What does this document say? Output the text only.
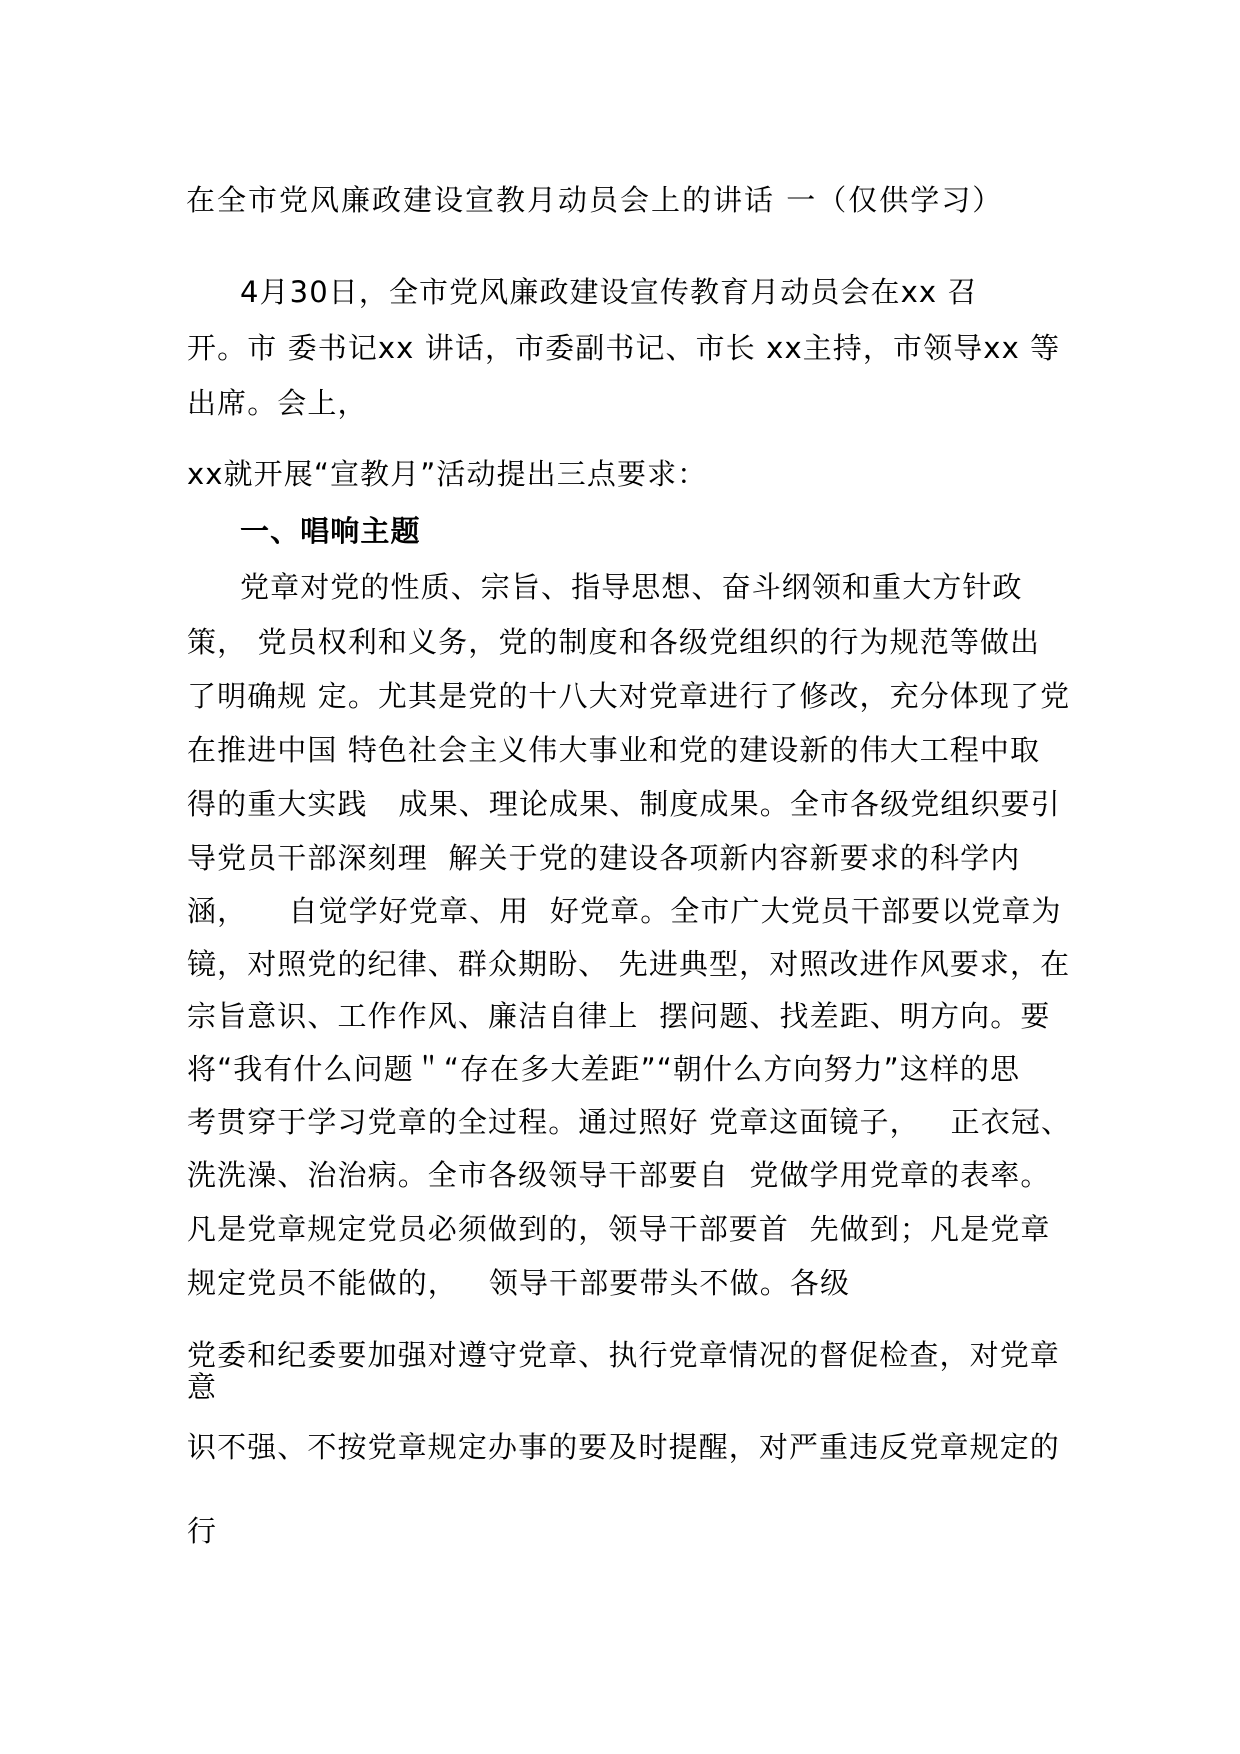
在全市党风廉政建设宣教月动员会上的讲话 一（仅供学习）

4月30日，全市党风廉政建设宣传教育月动员会在xx 召

开。市 委书记xx 讲话，市委副书记、市长 xx主持，市领导xx 等

出席。会上，

xx就开展“宣教月”活动提出三点要求：

一、唱响主题

党章对党的性质、宗旨、指导思想、奋斗纲领和重大方针政

策， 党员权利和义务，党的制度和各级党组织的行为规范等做出

了明确规 定。尤其是党的十八大对党章进行了修改，充分体现了党

在推进中国 特色社会主义伟大事业和党的建设新的伟大工程中取

得的重大实践   成果、理论成果、制度成果。全市各级党组织要引

导党员干部深刻理  解关于党的建设各项新内容新要求的科学内

涵，    自觉学好党章、用  好党章。全市广大党员干部要以党章为

镜，对照党的纪律、群众期盼、 先进典型，对照改进作风要求，在

宗旨意识、工作作风、廉洁自律上  摆问题、找差距、明方向。要

将“我有什么问题＂“存在多大差距”“朝什么方向努力”这样的思

考贯穿于学习党章的全过程。通过照好 党章这面镜子，   正衣冠、

洗洗澡、治治病。全市各级领导干部要自  党做学用党章的表率。

凡是党章规定党员必须做到的，领导干部要首  先做到；凡是党章

规定党员不能做的，   领导干部要带头不做。各级

党委和纪委要加强对遵守党章、执行党章情况的督促检查，对党章

意

识不强、不按党章规定办事的要及时提醒，对严重违反党章规定的

行
